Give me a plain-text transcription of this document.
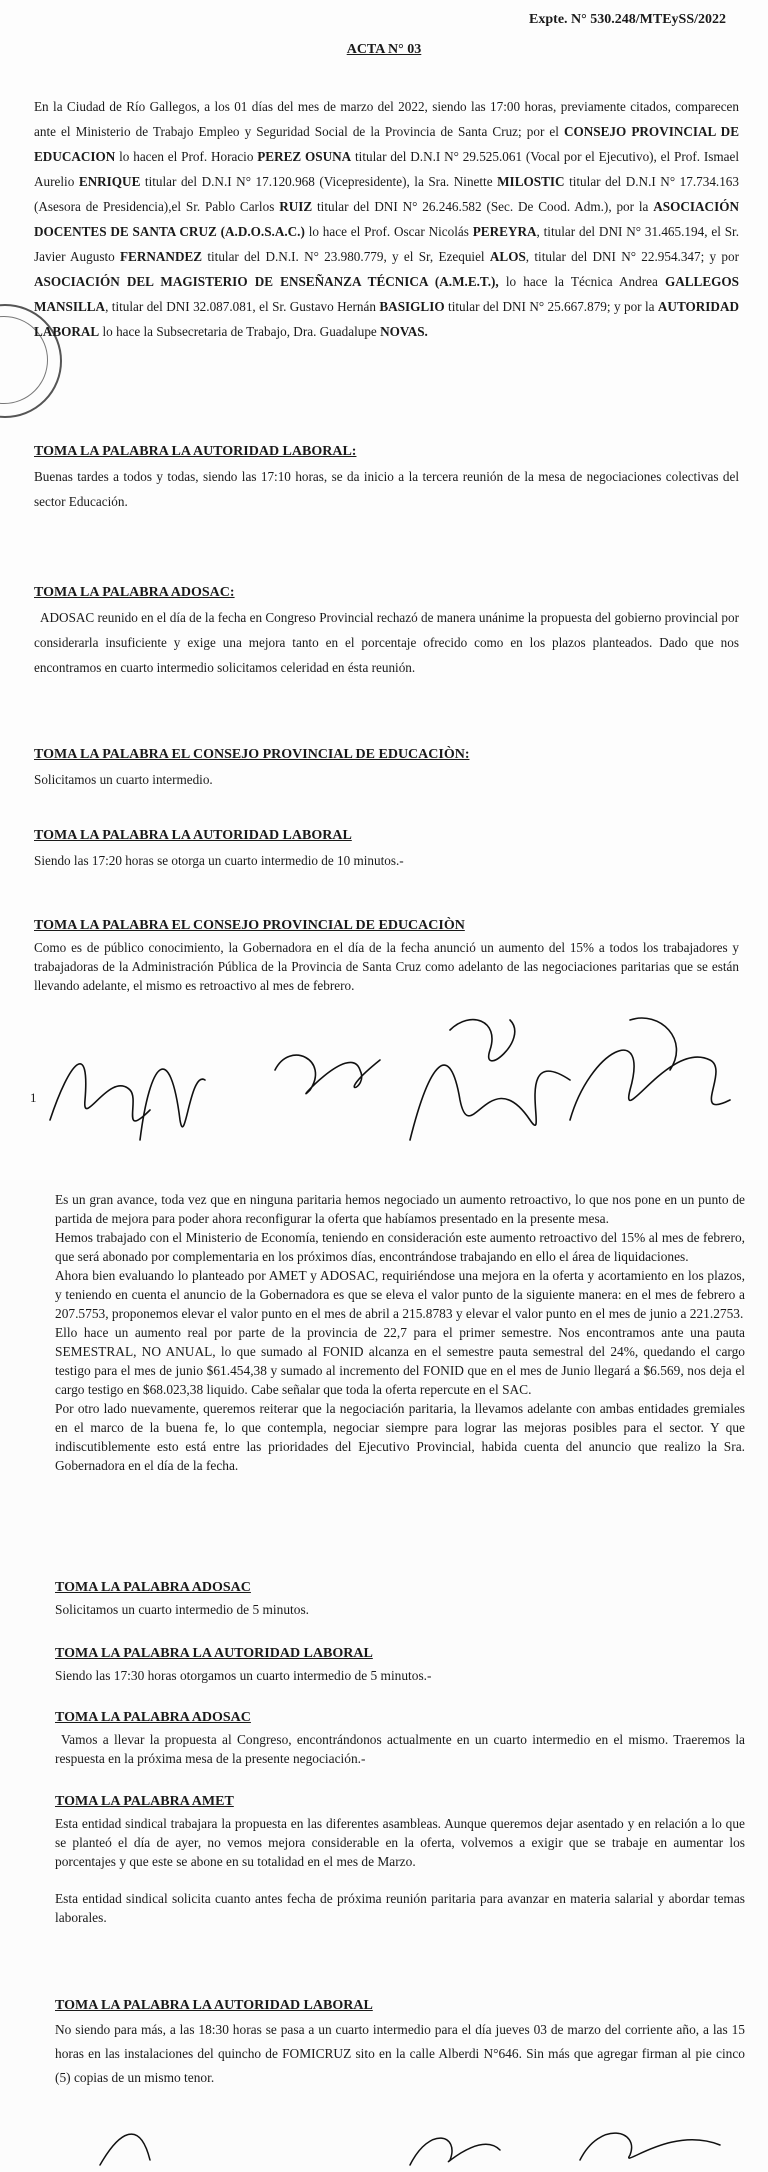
Expte. N° 530.248/MTEySS/2022
ACTA N° 03

En la Ciudad de Río Gallegos, a los 01 días del mes de marzo del 2022, siendo las 17:00 horas, previamente citados, comparecen ante el Ministerio de Trabajo Empleo y Seguridad Social de la Provincia de Santa Cruz; por el CONSEJO PROVINCIAL DE EDUCACION lo hacen el Prof. Horacio PEREZ OSUNA titular del D.N.I N° 29.525.061 (Vocal por el Ejecutivo), el Prof. Ismael Aurelio ENRIQUE titular del D.N.I N° 17.120.968 (Vicepresidente), la Sra. Ninette MILOSTIC titular del D.N.I N° 17.734.163 (Asesora de Presidencia),el Sr. Pablo Carlos RUIZ titular del DNI N° 26.246.582 (Sec. De Cood. Adm.), por la ASOCIACIÓN DOCENTES DE SANTA CRUZ (A.D.O.S.A.C.) lo hace el Prof. Oscar Nicolás PEREYRA, titular del DNI N° 31.465.194, el Sr. Javier Augusto FERNANDEZ titular del D.N.I. N° 23.980.779, y el Sr, Ezequiel ALOS, titular del DNI N° 22.954.347; y por ASOCIACIÓN DEL MAGISTERIO DE ENSEÑANZA TÉCNICA (A.M.E.T.), lo hace la Técnica Andrea GALLEGOS MANSILLA, titular del DNI 32.087.081, el Sr. Gustavo Hernán BASIGLIO titular del DNI N° 25.667.879; y por la AUTORIDAD LABORAL lo hace la Subsecretaria de Trabajo, Dra. Guadalupe NOVAS.

TOMA LA PALABRA LA AUTORIDAD LABORAL:

Buenas tardes a todos y todas, siendo las 17:10 horas, se da inicio a la tercera reunión de la mesa de negociaciones colectivas del sector Educación.

TOMA LA PALABRA ADOSAC:

ADOSAC reunido en el día de la fecha en Congreso Provincial rechazó de manera unánime la propuesta del gobierno provincial por considerarla insuficiente y exige una mejora tanto en el porcentaje ofrecido como en los plazos planteados. Dado que nos encontramos en cuarto intermedio solicitamos celeridad en ésta reunión.

TOMA LA PALABRA EL CONSEJO PROVINCIAL DE EDUCACIÒN:

Solicitamos un cuarto intermedio.

TOMA LA PALABRA LA AUTORIDAD LABORAL

Siendo las 17:20 horas se otorga un cuarto intermedio de 10 minutos.-

TOMA LA PALABRA EL CONSEJO PROVINCIAL DE EDUCACIÒN

Como es de público conocimiento, la Gobernadora en el día de la fecha anunció un aumento del 15% a todos los trabajadores y trabajadoras de la Administración Pública de la Provincia de Santa Cruz como adelanto de las negociaciones paritarias que se están llevando adelante, el mismo es retroactivo al mes de febrero.

1

Es un gran avance, toda vez que en ninguna paritaria hemos negociado un aumento retroactivo, lo que nos pone en un punto de partida de mejora para poder ahora reconfigurar la oferta que habíamos presentado en la presente mesa.

Hemos trabajado con el Ministerio de Economía, teniendo en consideración este aumento retroactivo del 15% al mes de febrero, que será abonado por complementaria en los próximos días, encontrándose trabajando en ello el área de liquidaciones.

Ahora bien evaluando lo planteado por AMET y ADOSAC, requiriéndose una mejora en la oferta y acortamiento en los plazos, y teniendo en cuenta el anuncio de la Gobernadora es que se eleva el valor punto de la siguiente manera: en el mes de febrero a 207.5753, proponemos elevar el valor punto en el mes de abril a 215.8783 y elevar el valor punto en el mes de junio a 221.2753.

Ello hace un aumento real por parte de la provincia de 22,7 para el primer semestre. Nos encontramos ante una pauta SEMESTRAL, NO ANUAL, lo que sumado al FONID alcanza en el semestre pauta semestral del 24%, quedando el cargo testigo para el mes de junio $61.454,38 y sumado al incremento del FONID que en el mes de Junio llegará a $6.569, nos deja el cargo testigo en $68.023,38 liquido. Cabe señalar que toda la oferta repercute en el SAC.

Por otro lado nuevamente, queremos reiterar que la negociación paritaria, la llevamos adelante con ambas entidades gremiales en el marco de la buena fe, lo que contempla, negociar siempre para lograr las mejoras posibles para el sector. Y que indiscutiblemente esto está entre las prioridades del Ejecutivo Provincial, habida cuenta del anuncio que realizo la Sra. Gobernadora en el día de la fecha.

TOMA LA PALABRA ADOSAC

Solicitamos un cuarto intermedio de 5 minutos.

TOMA LA PALABRA LA AUTORIDAD LABORAL

Siendo las 17:30 horas otorgamos un cuarto intermedio de 5 minutos.-

TOMA LA PALABRA ADOSAC

Vamos a llevar la propuesta al Congreso, encontrándonos actualmente en un cuarto intermedio en el mismo. Traeremos la respuesta en la próxima mesa de la presente negociación.-

TOMA LA PALABRA AMET

Esta entidad sindical trabajara la propuesta en las diferentes asambleas. Aunque queremos dejar asentado y en relación a lo que se planteó el día de ayer, no vemos mejora considerable en la oferta, volvemos a exigir que se trabaje en aumentar los porcentajes y que este se abone en su totalidad en el mes de Marzo.

Esta entidad sindical solicita cuanto antes fecha de próxima reunión paritaria para avanzar en materia salarial y abordar temas laborales.

TOMA LA PALABRA LA AUTORIDAD LABORAL

No siendo para más, a las 18:30 horas se pasa a un cuarto intermedio para el día jueves 03 de marzo del corriente año, a las 15 horas en las instalaciones del quincho de FOMICRUZ sito en la calle Alberdi N°646. Sin más que agregar firman al pie cinco (5) copias de un mismo tenor.
